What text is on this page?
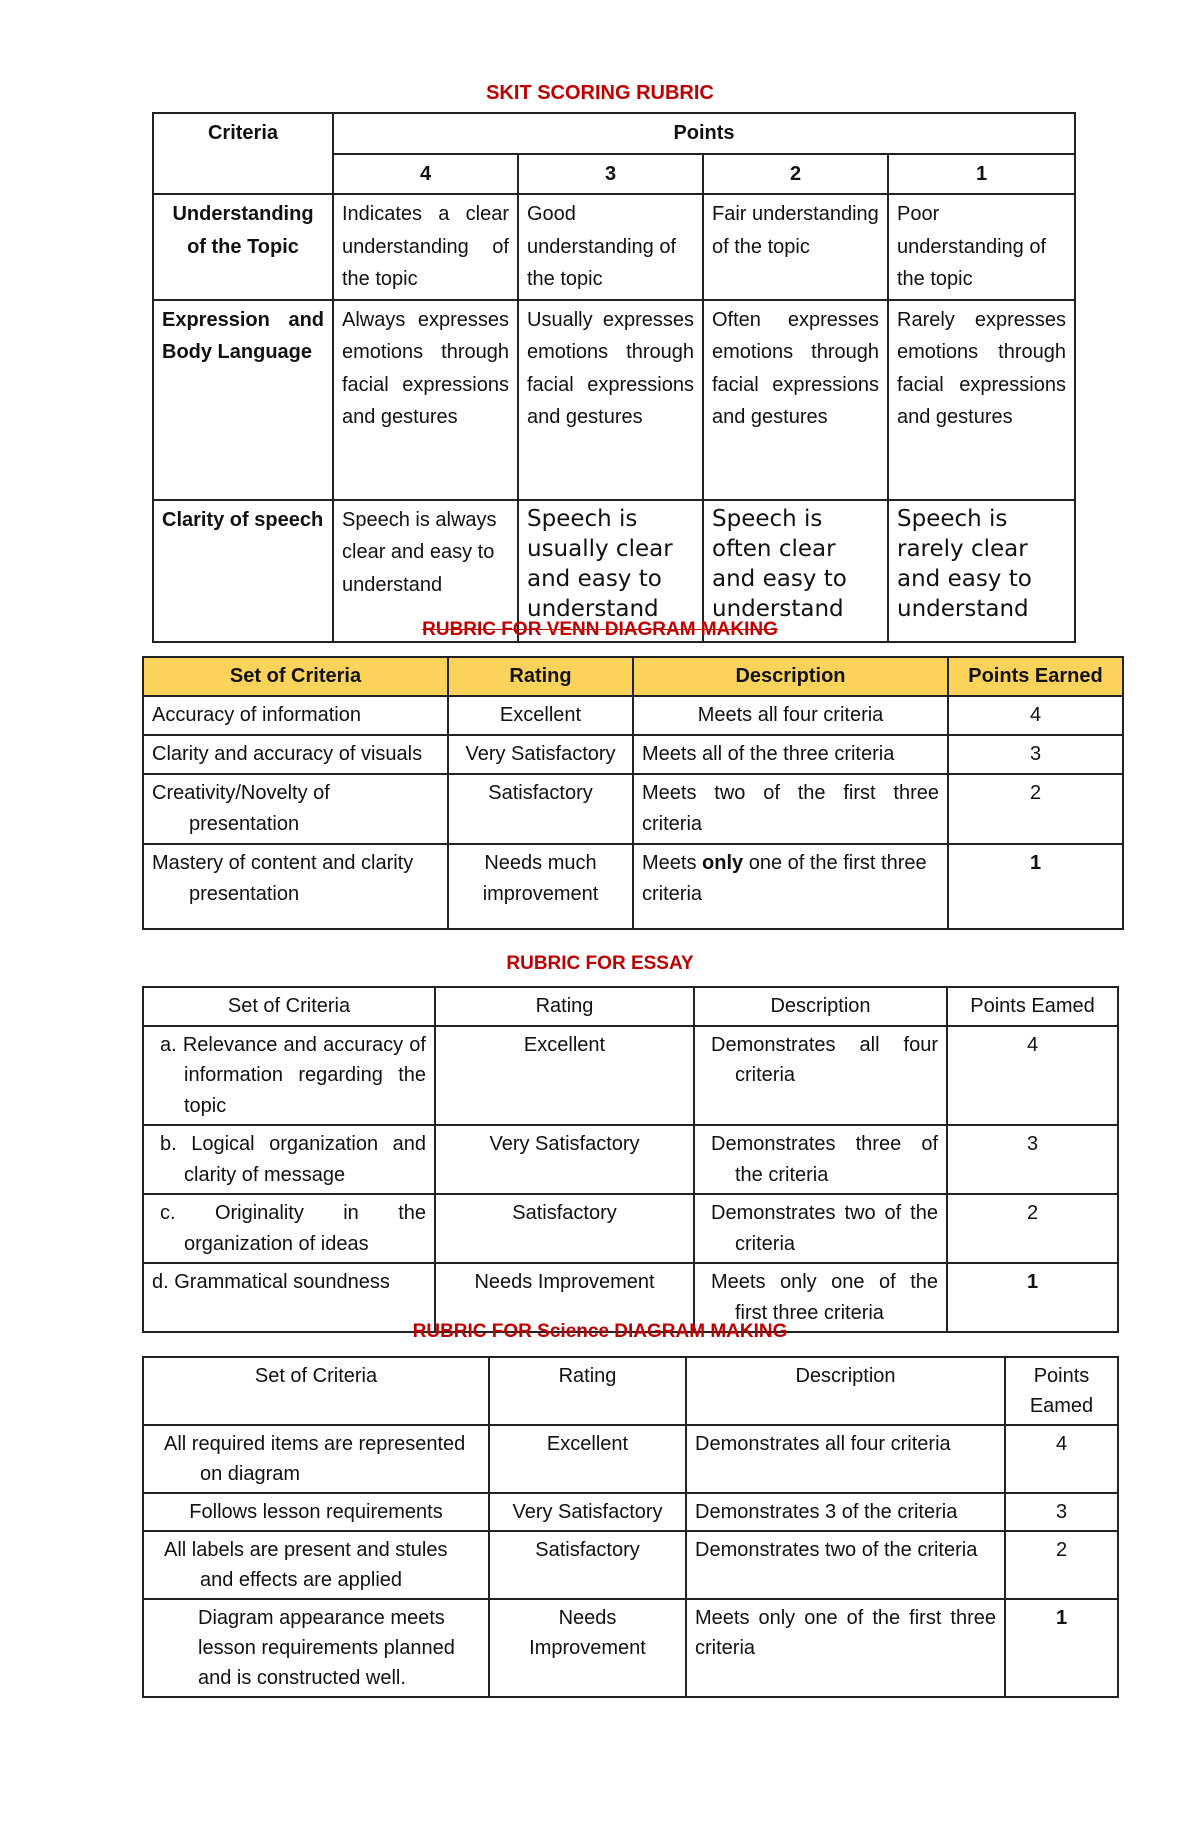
SKIT SCORING RUBRIC
Criteria	Points			
	4	3	2	1
Understanding of the Topic	Indicates a clear understanding of the topic	Good understanding of the topic	Fair understanding of the topic	Poor understanding of the topic
Expression and Body Language	Always expresses emotions through facial expressions and gestures	Usually expresses emotions through facial expressions and gestures	Often expresses emotions through facial expressions and gestures	Rarely expresses emotions through facial expressions and gestures
Clarity of speech	Speech is always clear and easy to understand	Speech is usually clear and easy to understand	Speech is often clear and easy to understand	Speech is rarely clear and easy to understand
RUBRIC FOR VENN DIAGRAM MAKING
Set of Criteria	Rating	Description	Points Earned
Accuracy of information	Excellent	Meets all four criteria	4
Clarity and accuracy of visuals	Very Satisfactory	Meets all of the three criteria	3
Creativity/Novelty of presentation	Satisfactory	Meets two of the first three criteria	2
Mastery of content and clarity presentation	Needs much improvement	Meets only one of the first three criteria	1
RUBRIC FOR ESSAY
Set of Criteria	Rating	Description	Points Eamed
a. Relevance and accuracy of information regarding the topic	Excellent	Demonstrates all four criteria	4
b. Logical organization and clarity of message	Very Satisfactory	Demonstrates three of the criteria	3
c. Originality in the organization of ideas	Satisfactory	Demonstrates two of the criteria	2
d. Grammatical soundness	Needs Improvement	Meets only one of the first three criteria	1
RUBRIC FOR Science DIAGRAM MAKING
Set of Criteria	Rating	Description	Points Eamed
All required items are represented on diagram	Excellent	Demonstrates all four criteria	4
Follows lesson requirements	Very Satisfactory	Demonstrates 3 of the criteria	3
All labels are present and stules and effects are applied	Satisfactory	Demonstrates two of the criteria	2
Diagram appearance meets lesson requirements planned and is constructed well.	Needs Improvement	Meets only one of the first three criteria	1
